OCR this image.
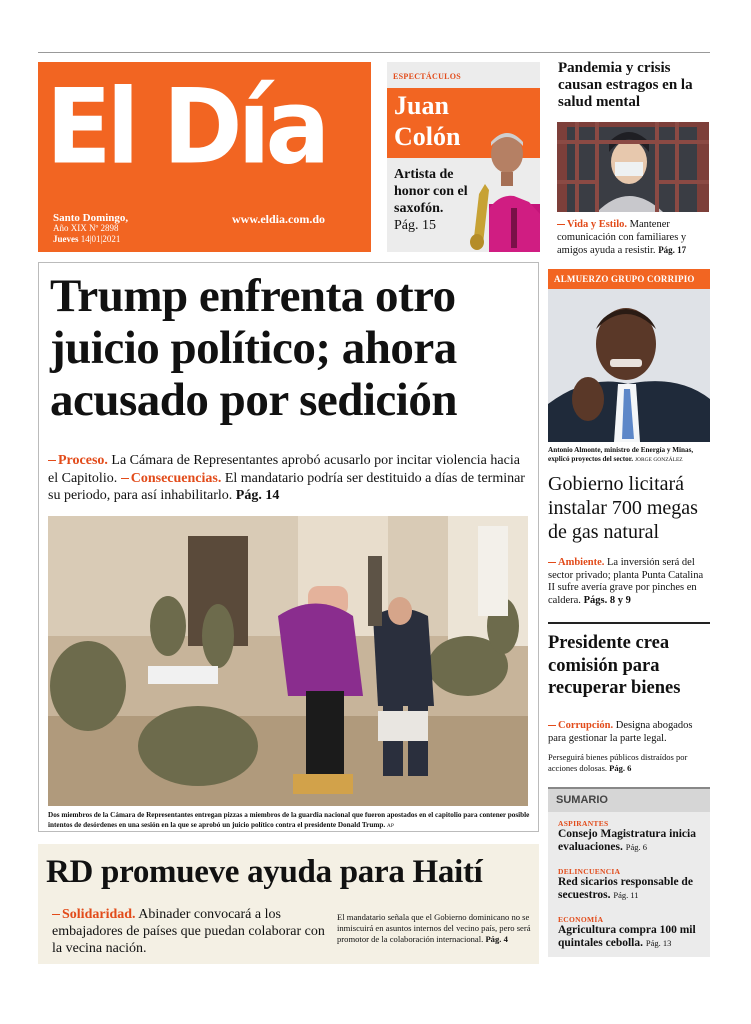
El Día
Santo Domingo,
Año XIX Nº 2898
Jueves 14|01|2021
www.eldia.com.do
ESPECTÁCULOS
Juan
Colón
Artista de honor con el saxofón.
Pág. 15
Pandemia y crisis causan estragos en la salud mental
Vida y Estilo. Mantener comunicación con familiares y amigos ayuda a resistir. Pág. 17
Trump enfrenta otro juicio político; ahora acusado por sedición
Proceso. La Cámara de Representantes aprobó acusarlo por incitar violencia hacia el Capitolio. Consecuencias. El mandatario podría ser destituido a días de terminar su periodo, para así inhabilitarlo. Pág. 14
Dos miembros de la Cámara de Representantes entregan pizzas a miembros de la guardia nacional que fueron apostados en el capitolio para contener posible intentos de desórdenes en una sesión en la que se aprobó un juicio político contra el presidente Donald Trump. AP
ALMUERZO GRUPO CORRIPIO
Antonio Almonte, ministro de Energía y Minas, explicó proyectos del sector. JORGE GONZÁLEZ
Gobierno licitará instalar 700 megas de gas natural
Ambiente. La inversión será del sector privado; planta Punta Catalina II sufre avería grave por pinches en caldera. Págs. 8 y 9
Presidente crea comisión para recuperar bienes
Corrupción. Designa abogados para gestionar la parte legal.
Perseguirá bienes públicos distraídos por acciones dolosas. Pág. 6
SUMARIO
ASPIRANTES
Consejo Magistratura inicia evaluaciones. Pág. 6
DELINCUENCIA
Red sicarios responsable de secuestros. Pág. 11
ECONOMÍA
Agricultura compra 100 mil quintales cebolla. Pág. 13
RD promueve ayuda para Haití
Solidaridad. Abinader convocará a los embajadores de países que puedan colaborar con la vecina nación.
El mandatario señala que el Gobierno dominicano no se inmiscuirá en asuntos internos del vecino país, pero será promotor de la colaboración internacional. Pág. 4
